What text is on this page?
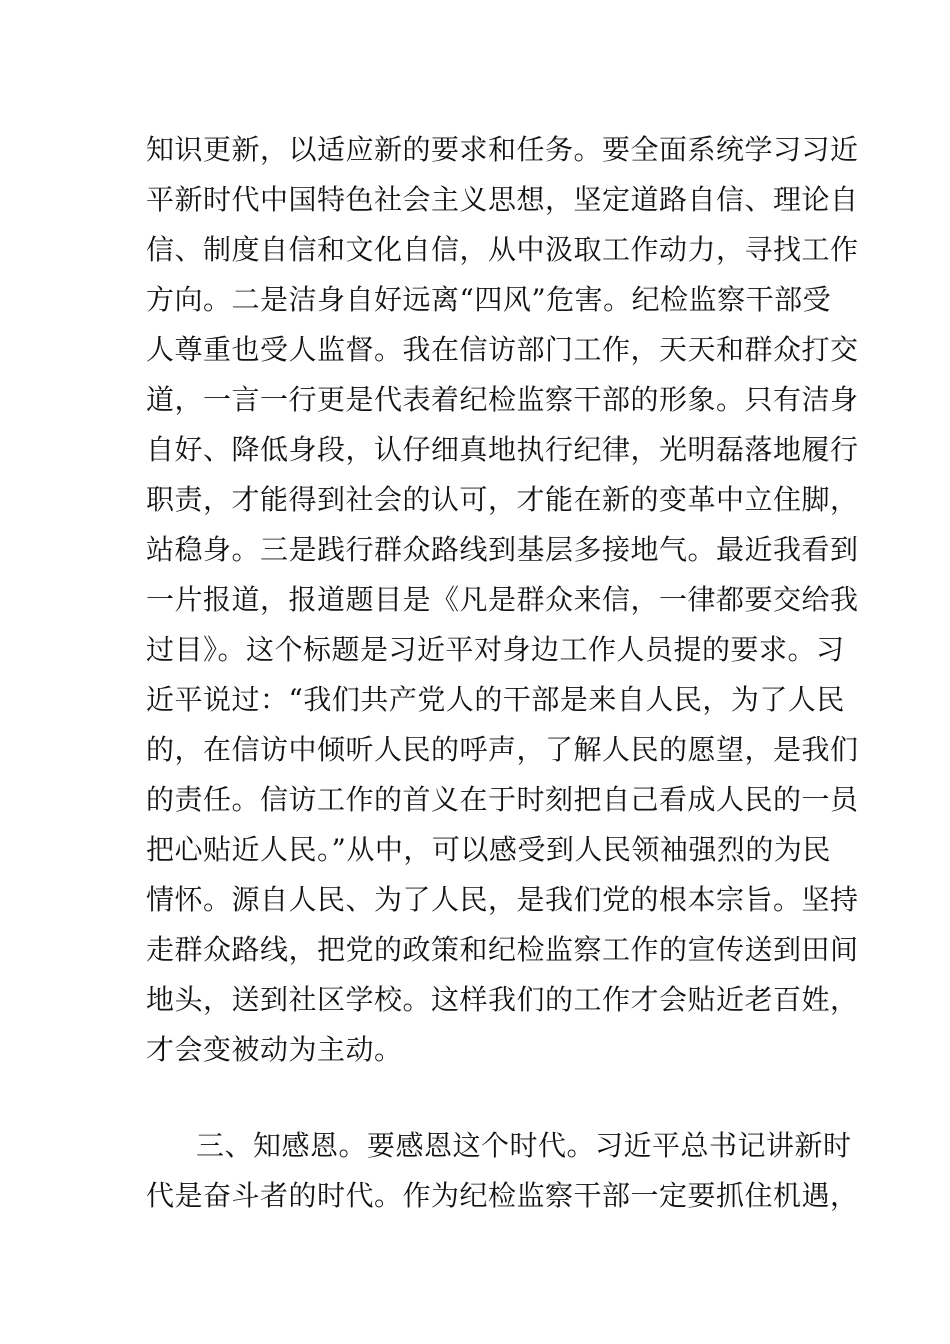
知识更新，以适应新的要求和任务。要全面系统学习习近
平新时代中国特色社会主义思想，坚定道路自信、理论自
信、制度自信和文化自信，从中汲取工作动力，寻找工作
方向。二是洁身自好远离“四风”危害。纪检监察干部受
人尊重也受人监督。我在信访部门工作，天天和群众打交
道，一言一行更是代表着纪检监察干部的形象。只有洁身
自好、降低身段，认仔细真地执行纪律，光明磊落地履行
职责，才能得到社会的认可，才能在新的变革中立住脚，
站稳身。三是践行群众路线到基层多接地气。最近我看到
一片报道，报道题目是《凡是群众来信，一律都要交给我
过目》。这个标题是习近平对身边工作人员提的要求。习
近平说过：“我们共产党人的干部是来自人民，为了人民
的，在信访中倾听人民的呼声，了解人民的愿望，是我们
的责任。信访工作的首义在于时刻把自己看成人民的一员
把心贴近人民。”从中，可以感受到人民领袖强烈的为民
情怀。源自人民、为了人民，是我们党的根本宗旨。坚持
走群众路线，把党的政策和纪检监察工作的宣传送到田间
地头，送到社区学校。这样我们的工作才会贴近老百姓，
才会变被动为主动。
三、知感恩。要感恩这个时代。习近平总书记讲新时
代是奋斗者的时代。作为纪检监察干部一定要抓住机遇，
